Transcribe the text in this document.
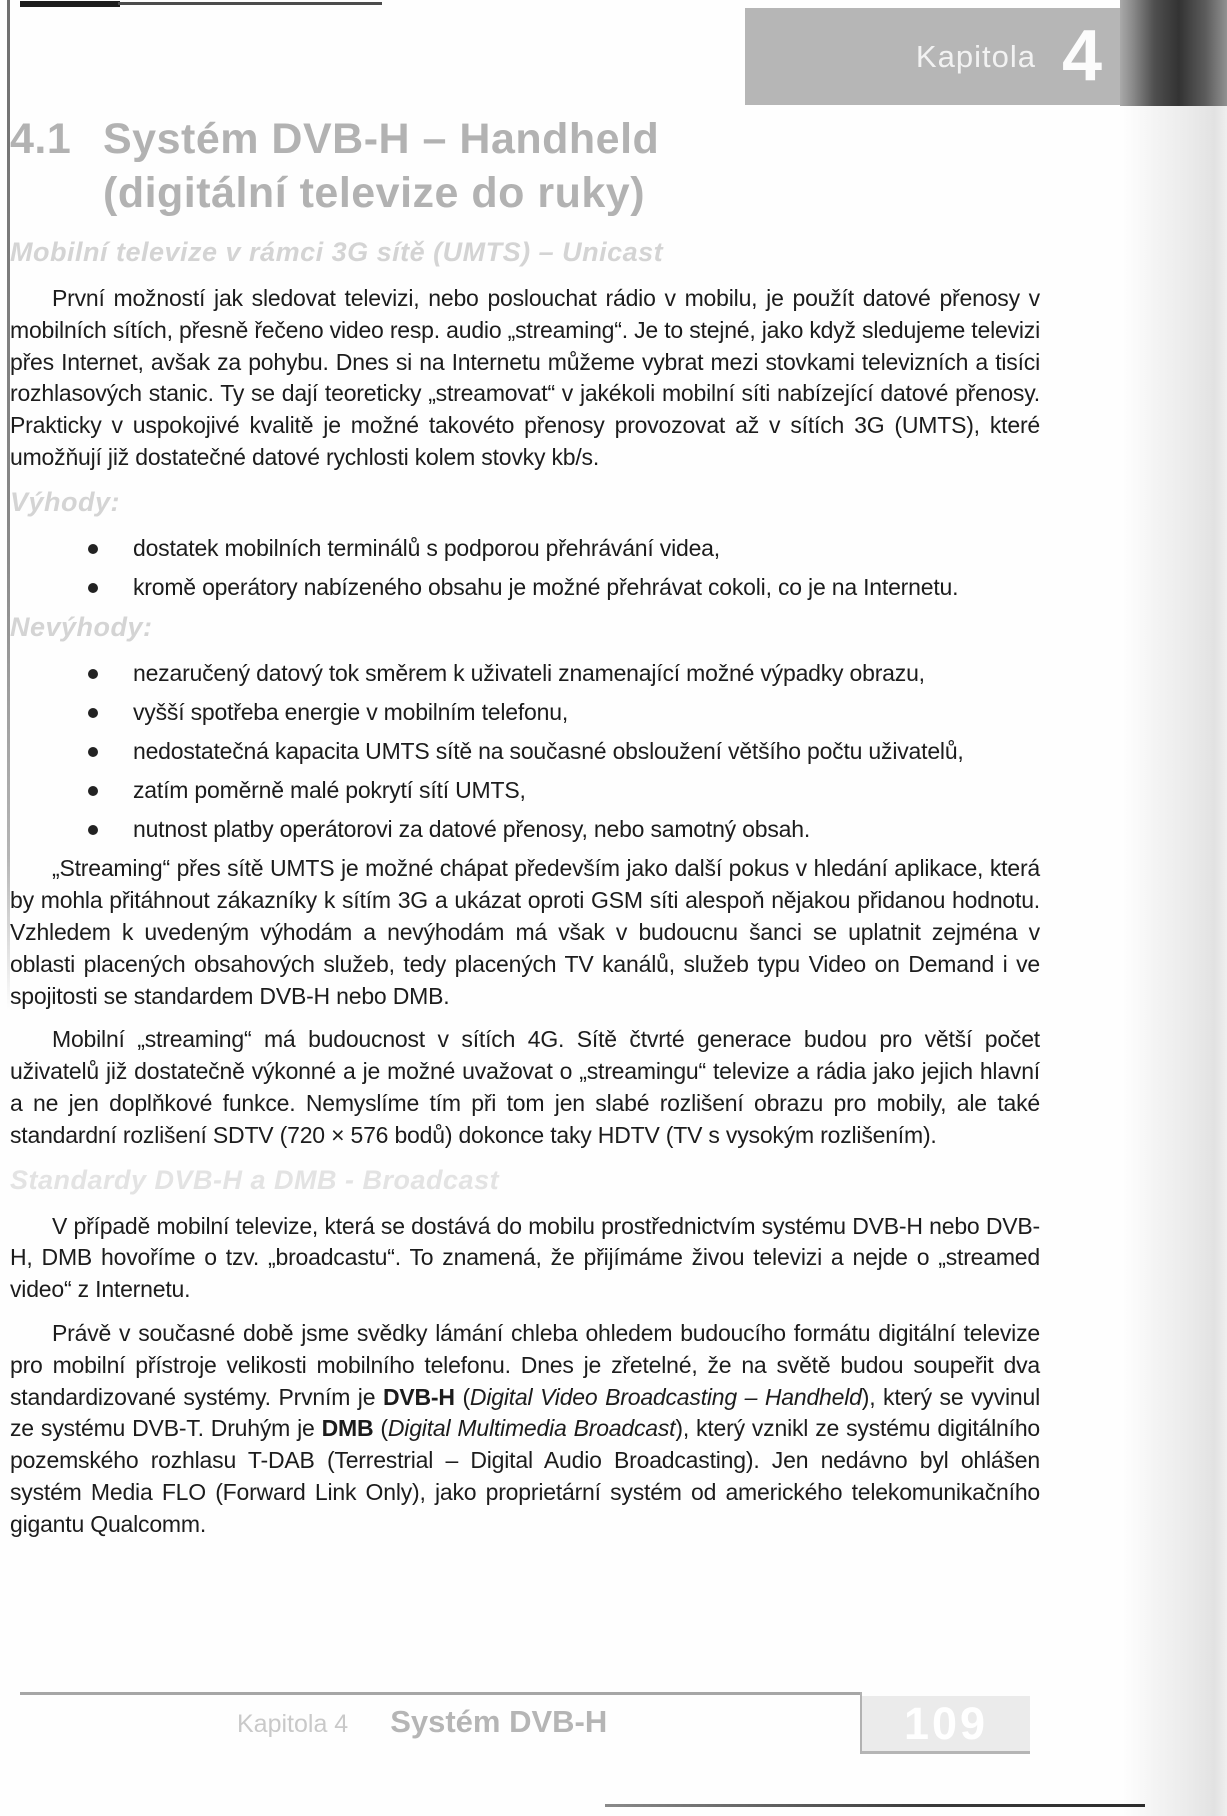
Kapitola 4
4.1 Systém DVB-H – Handheld
(digitální televize do ruky)
Mobilní televize v rámci 3G sítě (UMTS) – Unicast

První možností jak sledovat televizi, nebo poslouchat rádio v mobilu, je použít datové přenosy v mobilních sítích, přesně řečeno video resp. audio „streaming“. Je to stejné, jako když sledujeme televizi přes Internet, avšak za pohybu. Dnes si na Internetu můžeme vybrat mezi stovkami televizních a tisíci rozhlasových stanic. Ty se dají teoreticky „streamovat“ v jakékoli mobilní síti nabízející datové přenosy. Prakticky v uspokojivé kvalitě je možné takovéto přenosy provozovat až v sítích 3G (UMTS), které umožňují již dostatečné datové rychlosti kolem stovky kb/s.

Výhody:
dostatek mobilních terminálů s podporou přehrávání videa,
kromě operátory nabízeného obsahu je možné přehrávat cokoli, co je na Internetu.
Nevýhody:
nezaručený datový tok směrem k uživateli znamenající možné výpadky obrazu,
vyšší spotřeba energie v mobilním telefonu,
nedostatečná kapacita UMTS sítě na současné obsloužení většího počtu uživatelů,
zatím poměrně malé pokrytí sítí UMTS,
nutnost platby operátorovi za datové přenosy, nebo samotný obsah.

„Streaming“ přes sítě UMTS je možné chápat především jako další pokus v hledání aplikace, která by mohla přitáhnout zákazníky k sítím 3G a ukázat oproti GSM síti alespoň nějakou přidanou hodnotu. Vzhledem k uvedeným výhodám a nevýhodám má však v budoucnu šanci se uplatnit zejména v oblasti placených obsahových služeb, tedy placených TV kanálů, služeb typu Video on Demand i ve spojitosti se standardem DVB-H nebo DMB.

Mobilní „streaming“ má budoucnost v sítích 4G. Sítě čtvrté generace budou pro větší počet uživatelů již dostatečně výkonné a je možné uvažovat o „streamingu“ televize a rádia jako jejich hlavní a ne jen doplňkové funkce. Nemyslíme tím při tom jen slabé rozlišení obrazu pro mobily, ale také standardní rozlišení SDTV (720 × 576 bodů) dokonce taky HDTV (TV s vysokým rozlišením).

Standardy DVB-H a DMB - Broadcast

V případě mobilní televize, která se dostává do mobilu prostřednictvím systému DVB-H nebo DVB-H, DMB hovoříme o tzv. „broadcastu“. To znamená, že přijímáme živou televizi a nejde o „streamed video“ z Internetu.

Právě v současné době jsme svědky lámání chleba ohledem budoucího formátu digitální televize pro mobilní přístroje velikosti mobilního telefonu. Dnes je zřetelné, že na světě budou soupeřit dva standardizované systémy. Prvním je DVB-H (Digital Video Broadcasting – Handheld), který se vyvinul ze systému DVB-T. Druhým je DMB (Digital Multimedia Broadcast), který vznikl ze systému digitálního pozemského rozhlasu T-DAB (Terrestrial – Digital Audio Broadcasting). Jen nedávno byl ohlášen systém Media FLO (Forward Link Only), jako proprietární systém od amerického telekomunikačního gigantu Qualcomm.

Kapitola 4 Systém DVB-H	109
